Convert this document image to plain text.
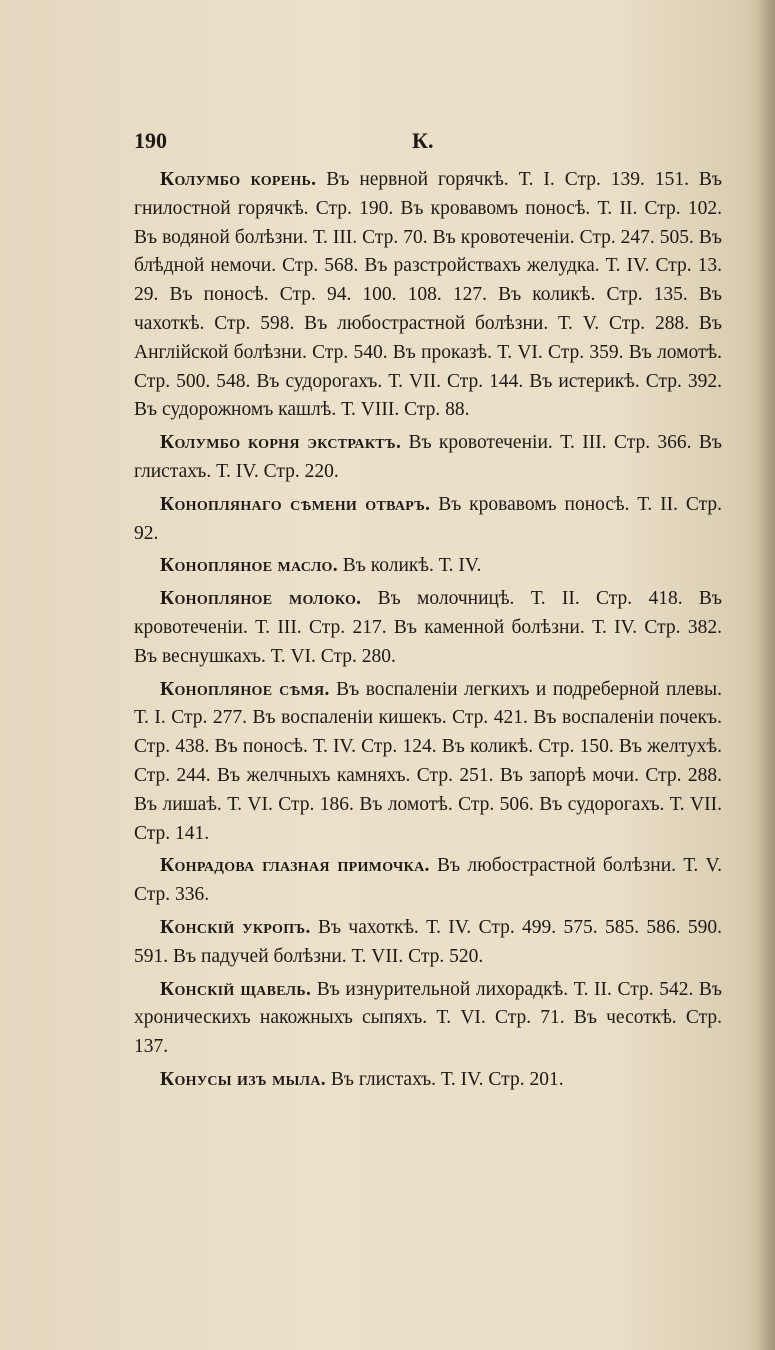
190	К.

Колумбо корень. Въ нервной горячкѣ. Т. I. Стр. 139. 151. Въ гнилостной горячкѣ. Стр. 190. Въ кровавомъ поносѣ. Т. II. Стр. 102. Въ водяной болѣзни. Т. III. Стр. 70. Въ кровотеченіи. Стр. 247. 505. Въ блѣдной немочи. Стр. 568. Въ разстройствахъ желудка. Т. IV. Стр. 13. 29. Въ поносѣ. Стр. 94. 100. 108. 127. Въ коликѣ. Стр. 135. Въ чахоткѣ. Стр. 598. Въ любострастной болѣзни. Т. V. Стр. 288. Въ Англійской болѣзни. Стр. 540. Въ проказѣ. Т. VI. Стр. 359. Въ ломотѣ. Стр. 500. 548. Въ судорогахъ. Т. VII. Стр. 144. Въ истерикѣ. Стр. 392. Въ судорожномъ кашлѣ. Т. VIII. Стр. 88.

Колумбо корня экстрактъ. Въ кровотеченіи. Т. III. Стр. 366. Въ глистахъ. Т. IV. Стр. 220.

Коноплянаго сѣмени отваръ. Въ кровавомъ поносѣ. Т. II. Стр. 92.

Конопляное масло. Въ коликѣ. Т. IV.

Конопляное молоко. Въ молочницѣ. Т. II. Стр. 418. Въ кровотеченіи. Т. III. Стр. 217. Въ каменной болѣзни. Т. IV. Стр. 382. Въ веснушкахъ. Т. VI. Стр. 280.

Конопляное сѣмя. Въ воспаленіи легкихъ и подреберной плевы. Т. I. Стр. 277. Въ воспаленіи кишекъ. Стр. 421. Въ воспаленіи почекъ. Стр. 438. Въ поносѣ. Т. IV. Стр. 124. Въ коликѣ. Стр. 150. Въ желтухѣ. Стр. 244. Въ желчныхъ камняхъ. Стр. 251. Въ запорѣ мочи. Стр. 288. Въ лишаѣ. Т. VI. Стр. 186. Въ ломотѣ. Стр. 506. Въ судорогахъ. Т. VII. Стр. 141.

Конрадова глазная примочка. Въ любострастной болѣзни. Т. V. Стр. 336.

Конскій укропъ. Въ чахоткѣ. Т. IV. Стр. 499. 575. 585. 586. 590. 591. Въ падучей болѣзни. Т. VII. Стр. 520.

Конскій щавель. Въ изнурительной лихорадкѣ. Т. II. Стр. 542. Въ хроническихъ накожныхъ сыпяхъ. Т. VI. Стр. 71. Въ чесоткѣ. Стр. 137.

Конусы изъ мыла. Въ глистахъ. Т. IV. Стр. 201.
